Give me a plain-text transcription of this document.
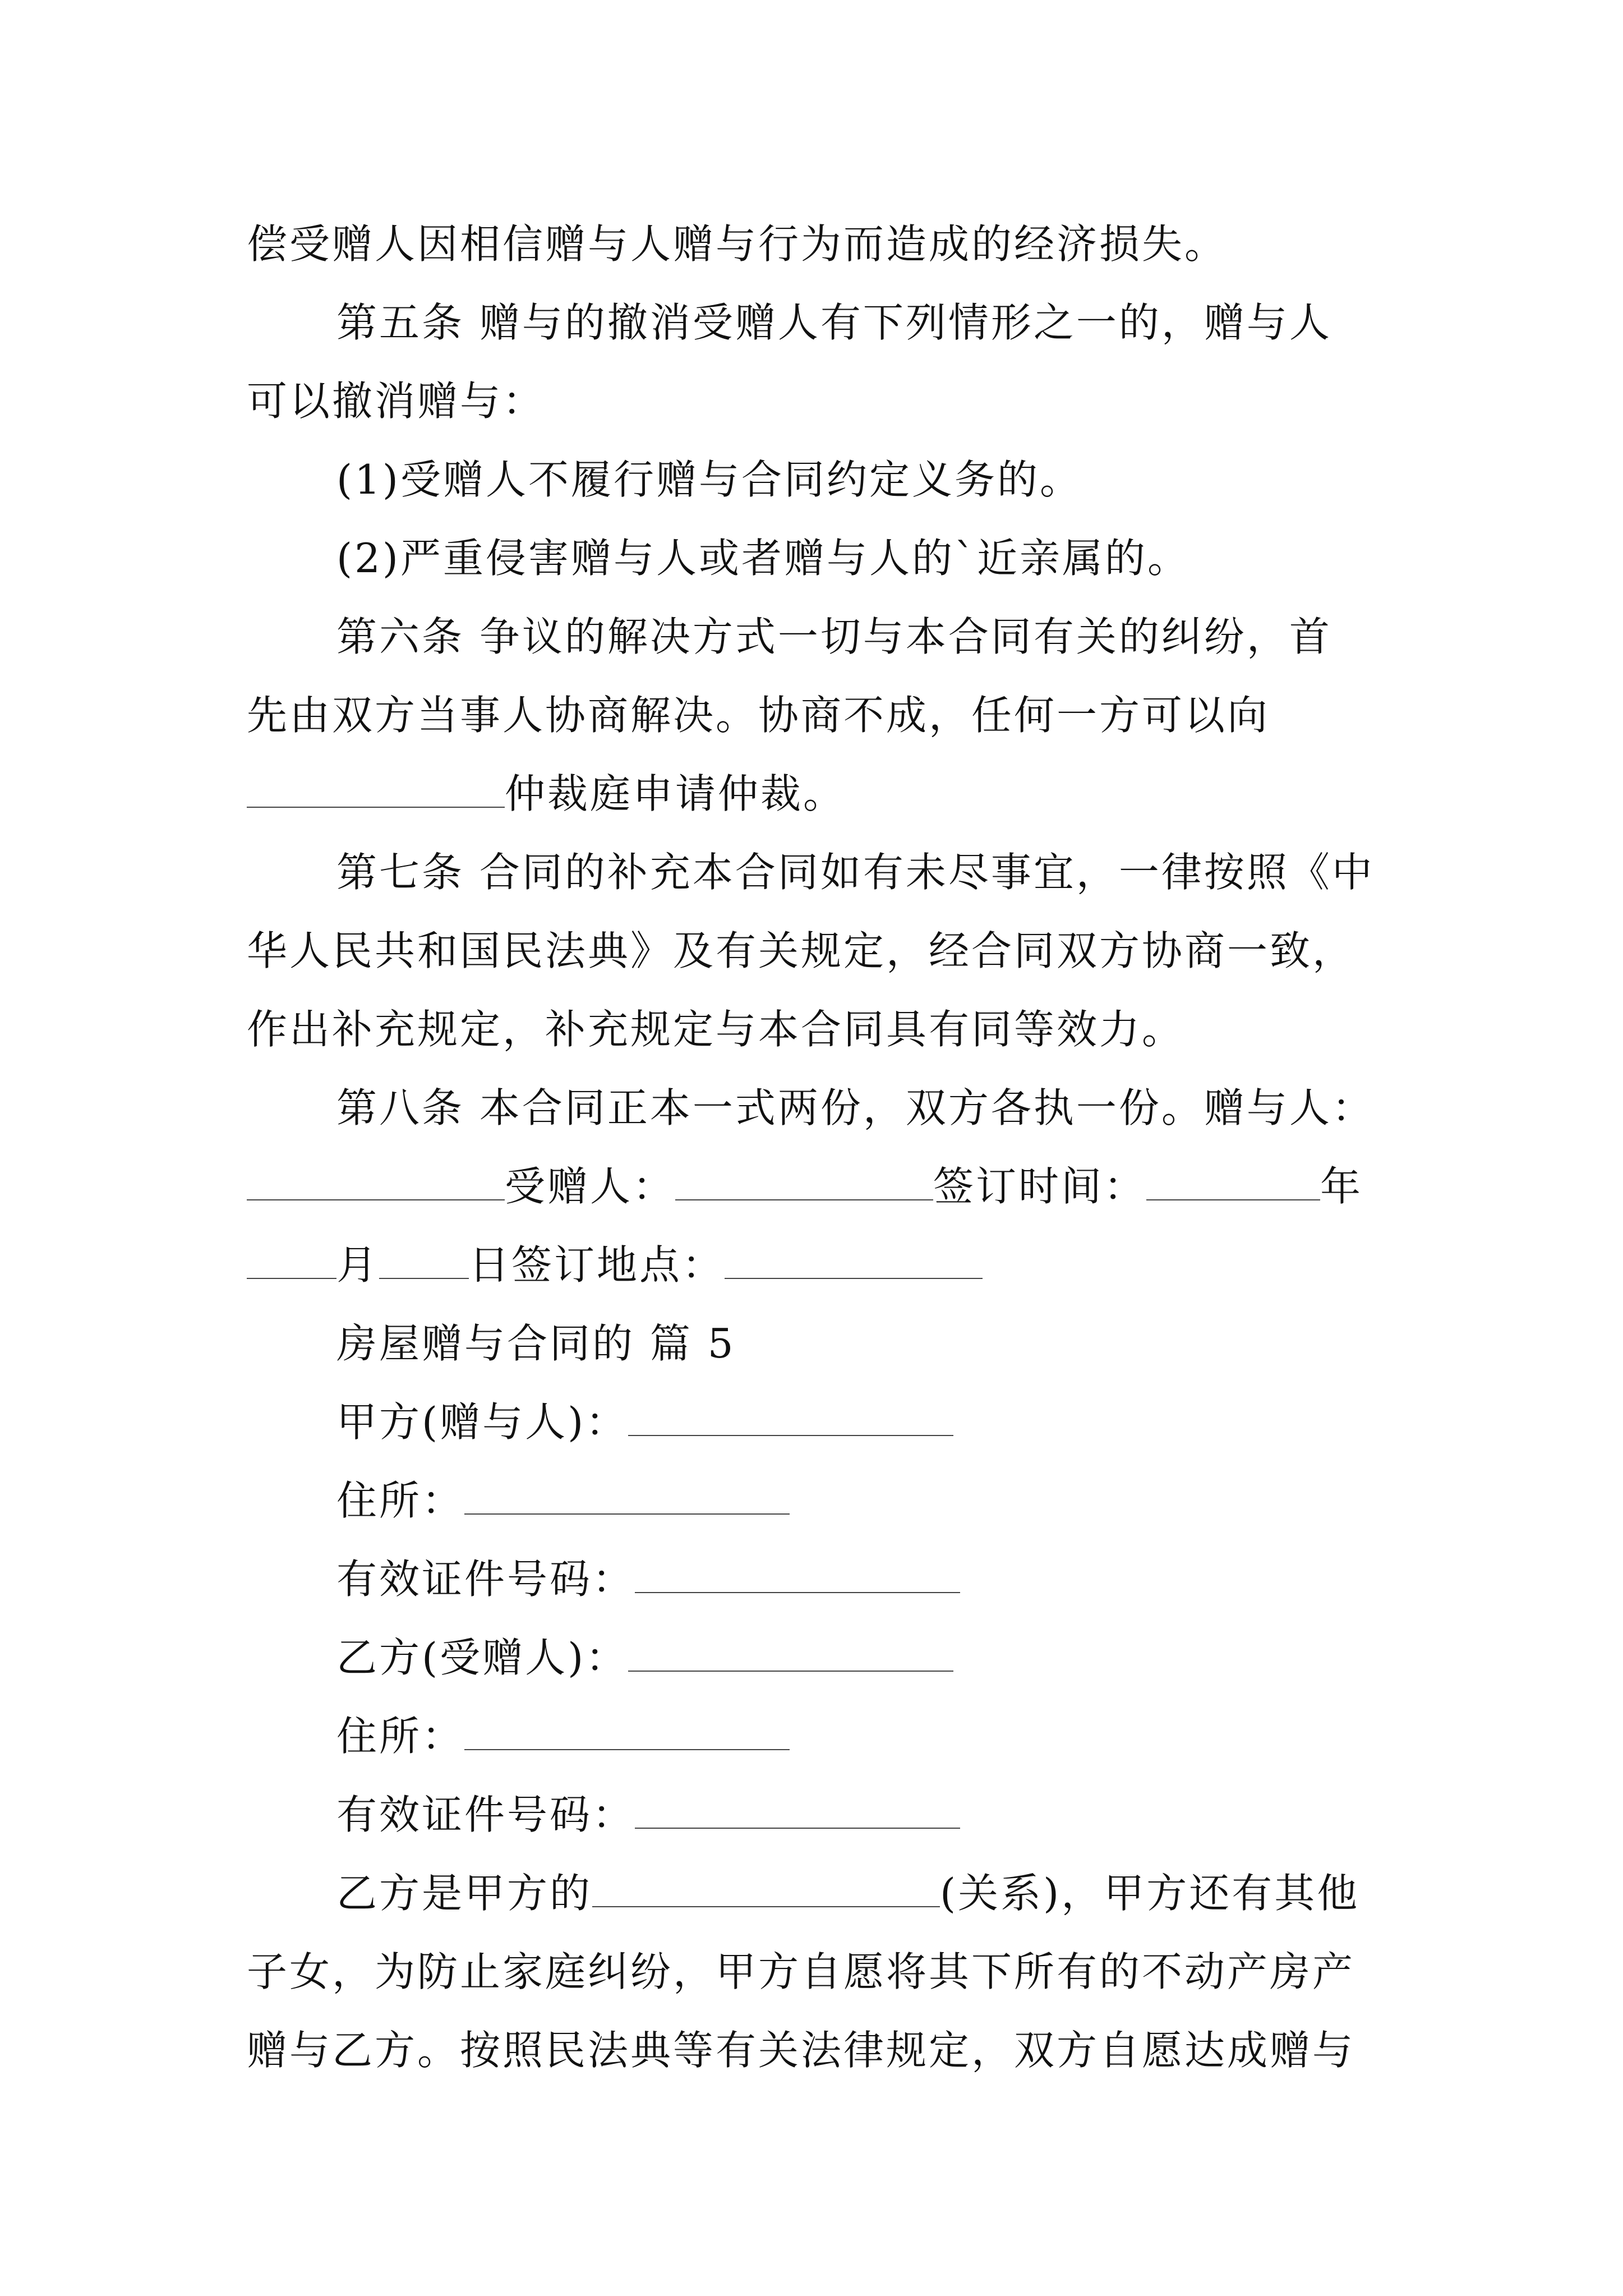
偿受赠人因相信赠与人赠与行为而造成的经济损失。
第五条 赠与的撤消受赠人有下列情形之一的，赠与人
可以撤消赠与：
(1)受赠人不履行赠与合同约定义务的。
(2)严重侵害赠与人或者赠与人的`近亲属的。
第六条 争议的解决方式一切与本合同有关的纠纷，首
先由双方当事人协商解决。协商不成，任何一方可以向
仲裁庭申请仲裁。
第七条 合同的补充本合同如有未尽事宜，一律按照《中
华人民共和国民法典》及有关规定，经合同双方协商一致，
作出补充规定，补充规定与本合同具有同等效力。
第八条 本合同正本一式两份，双方各执一份。赠与人：
受赠人：	签订时间：	年
月 日签订地点：
房屋赠与合同的 篇 5
甲方(赠与人)：
住所：
有效证件号码：
乙方(受赠人)：
住所：
有效证件号码：
乙方是甲方的	(关系)，甲方还有其他
子女，为防止家庭纠纷，甲方自愿将其下所有的不动产房产
赠与乙方。按照民法典等有关法律规定，双方自愿达成赠与
